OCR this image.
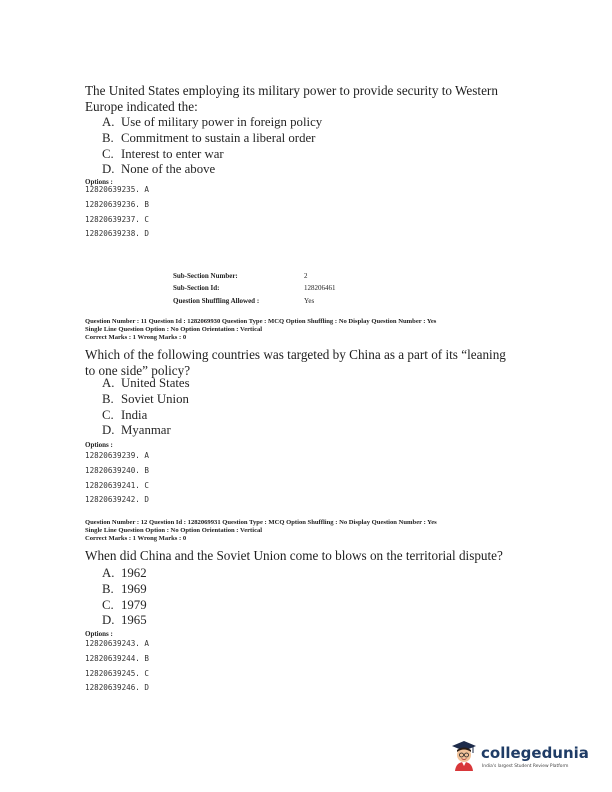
The United States employing its military power to provide security to Western Europe indicated the:
A. Use of military power in foreign policy
B. Commitment to sustain a liberal order
C. Interest to enter war
D. None of the above
Options :
12820639235. A
12820639236. B
12820639237. C
12820639238. D
Sub-Section Number:	2
Sub-Section Id:	128206461
Question Shuffling Allowed :	Yes
Question Number : 11 Question Id : 1282069930 Question Type : MCQ Option Shuffling : No Display Question Number : Yes
Single Line Question Option : No Option Orientation : Vertical
Correct Marks : 1 Wrong Marks : 0
Which of the following countries was targeted by China as a part of its “leaning to one side” policy?
A. United States
B. Soviet Union
C. India
D. Myanmar
Options :
12820639239. A
12820639240. B
12820639241. C
12820639242. D
Question Number : 12 Question Id : 1282069931 Question Type : MCQ Option Shuffling : No Display Question Number : Yes
Single Line Question Option : No Option Orientation : Vertical
Correct Marks : 1 Wrong Marks : 0
When did China and the Soviet Union come to blows on the territorial dispute?
A. 1962
B. 1969
C. 1979
D. 1965
Options :
12820639243. A
12820639244. B
12820639245. C
12820639246. D
collegedunia
India's largest Student Review Platform
